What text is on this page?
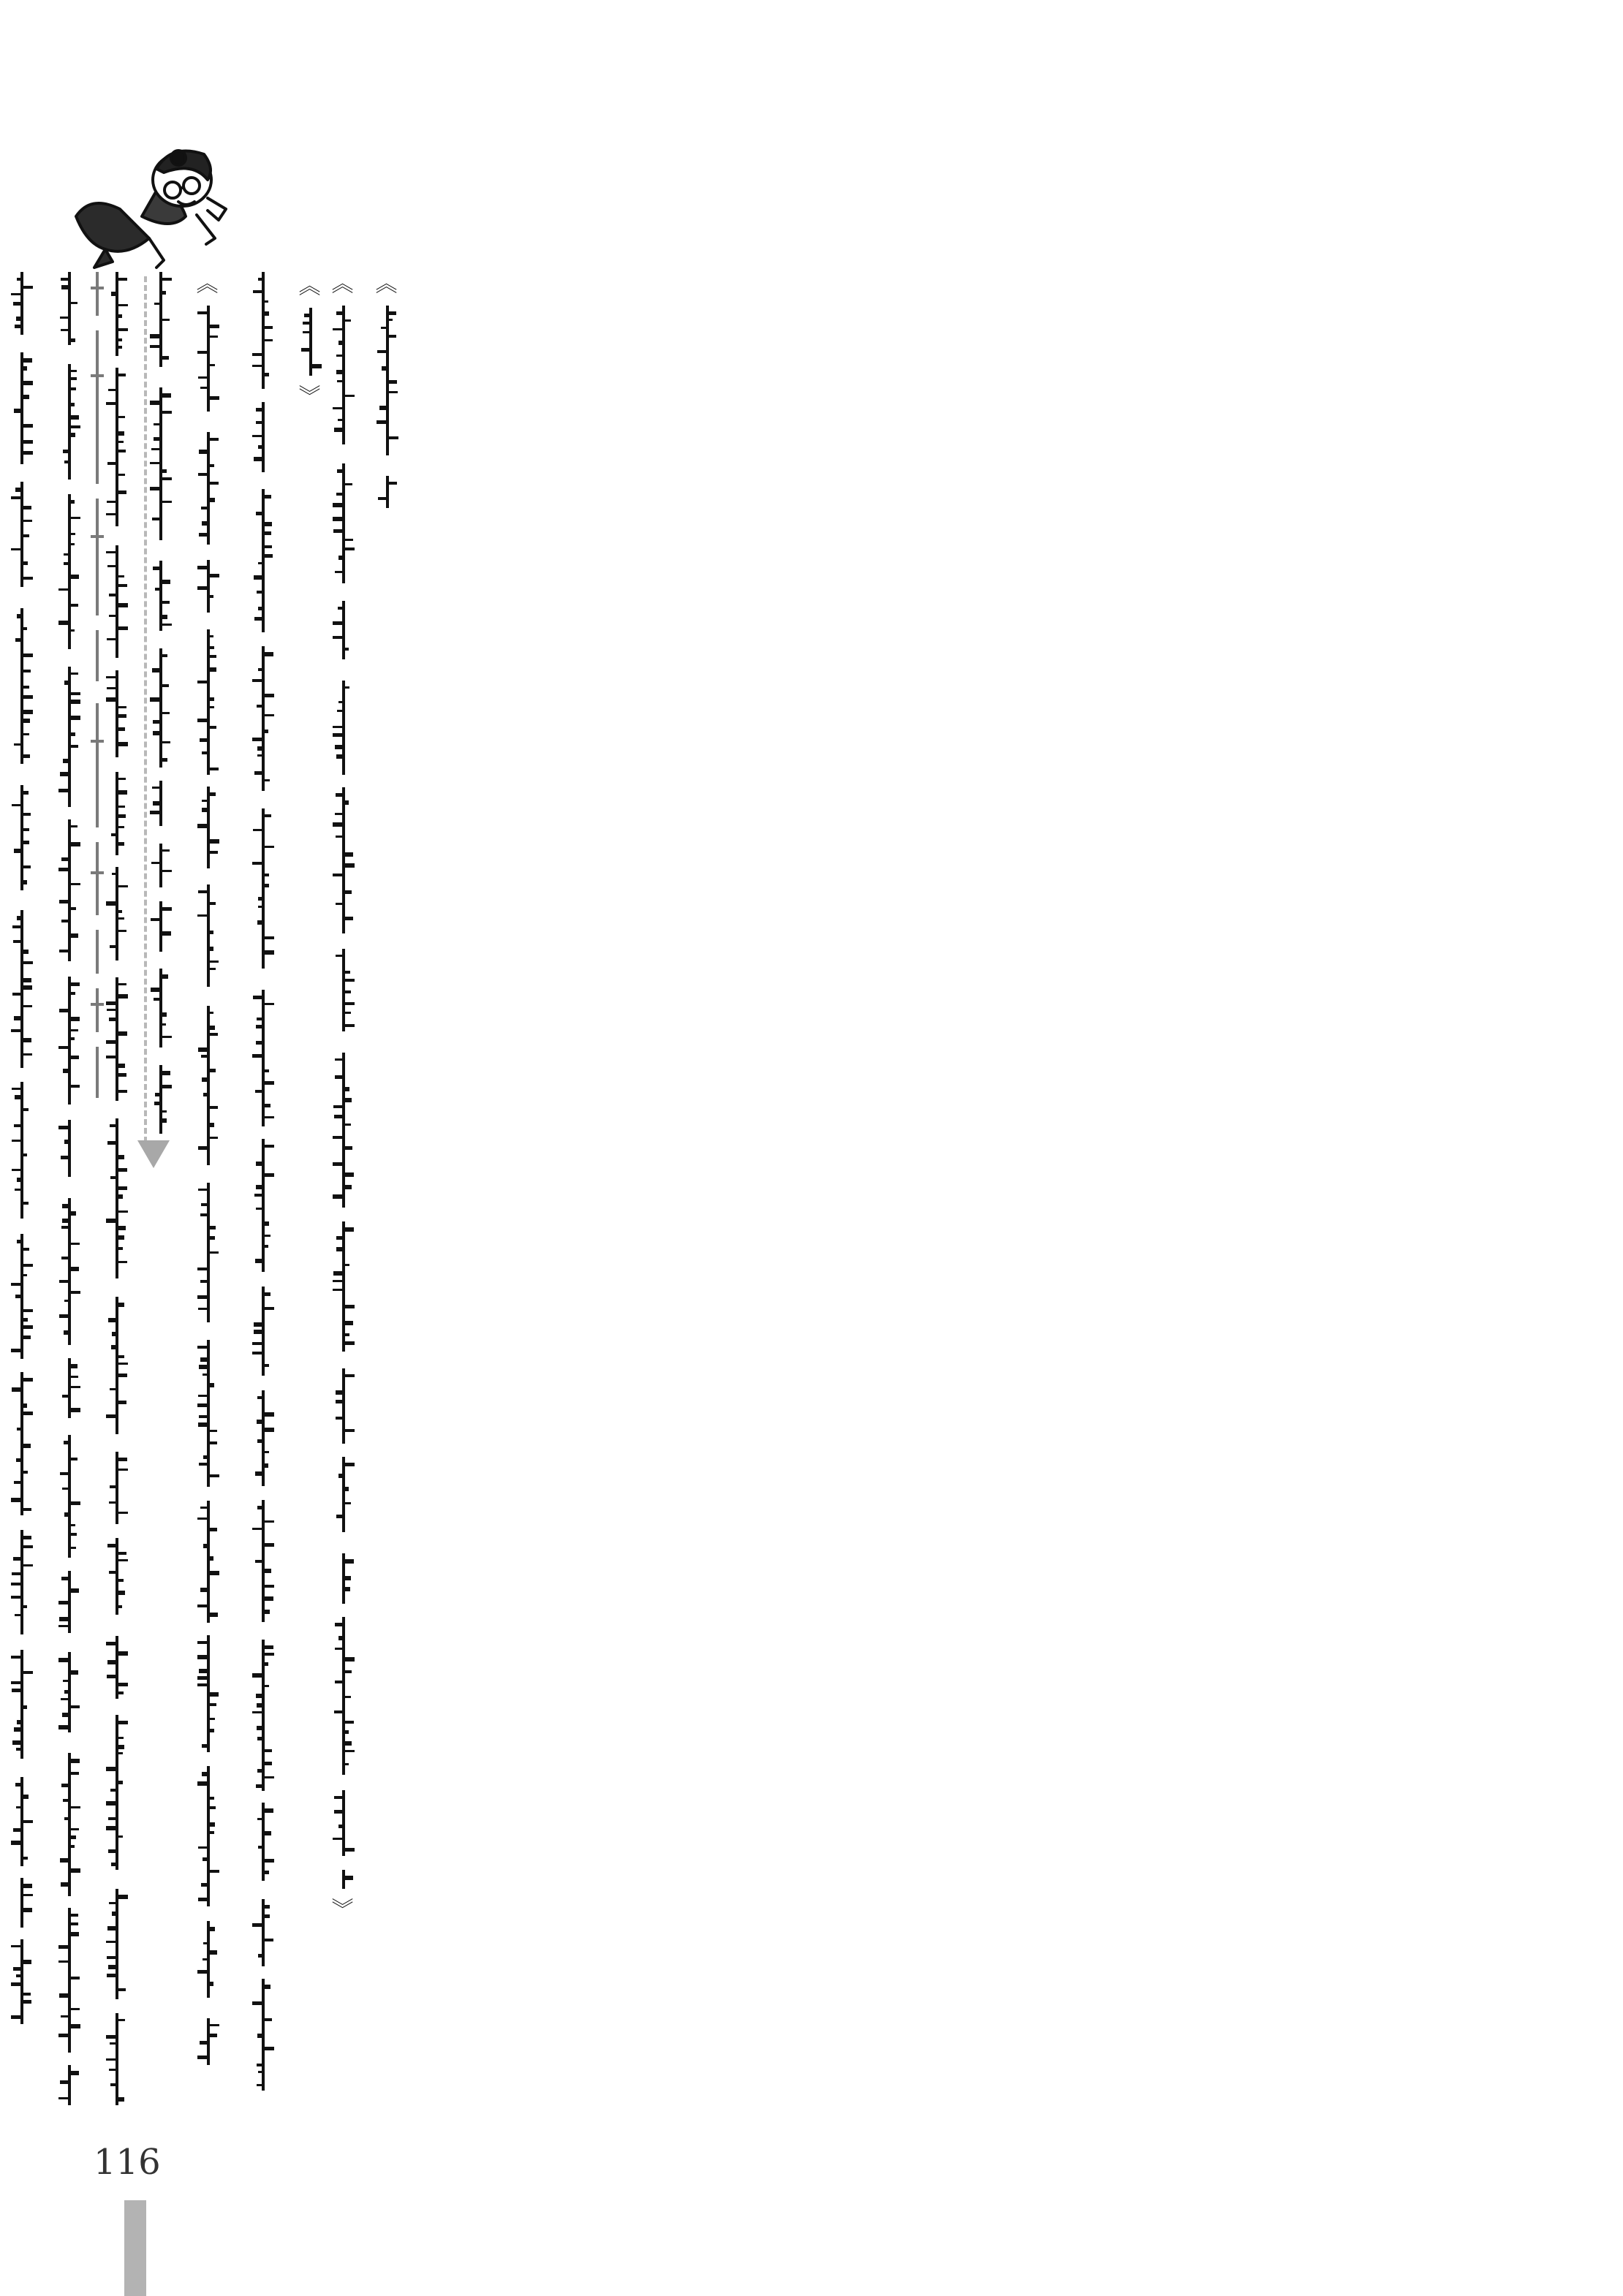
116
《
《
》
《
》
《
